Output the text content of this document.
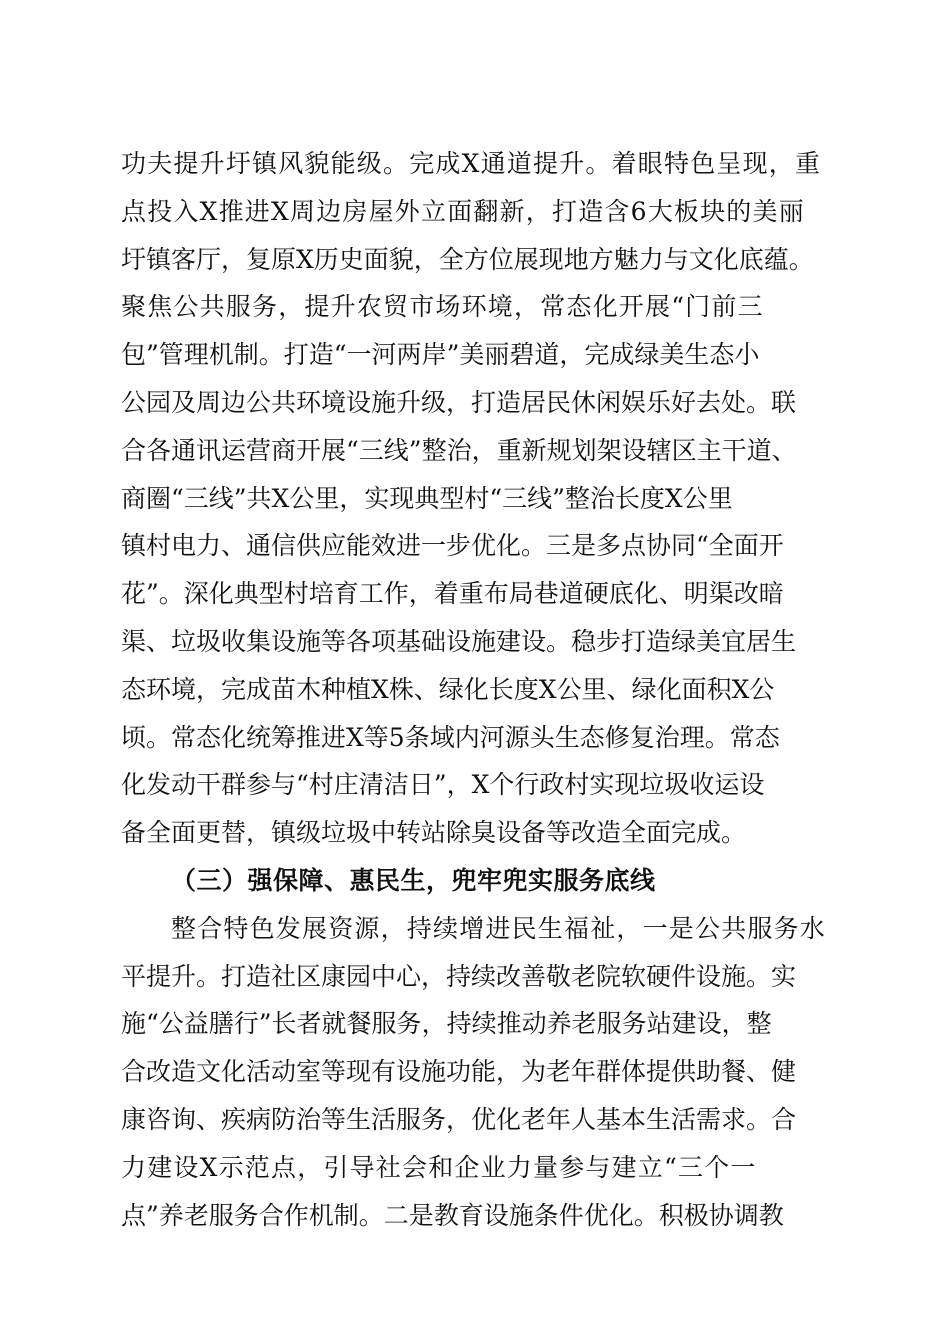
功夫提升圩镇风貌能级。完成X通道提升。着眼特色呈现，重
点投入X推进X周边房屋外立面翻新，打造含6大板块的美丽
圩镇客厅，复原X历史面貌，全方位展现地方魅力与文化底蕴。
聚焦公共服务，提升农贸市场环境，常态化开展“门前三
包”管理机制。打造“一河两岸”美丽碧道，完成绿美生态小
公园及周边公共环境设施升级，打造居民休闲娱乐好去处。联
合各通讯运营商开展“三线”整治，重新规划架设辖区主干道、
商圈“三线”共X公里，实现典型村“三线”整治长度X公里
镇村电力、通信供应能效进一步优化。三是多点协同“全面开
花”。深化典型村培育工作，着重布局巷道硬底化、明渠改暗
渠、垃圾收集设施等各项基础设施建设。稳步打造绿美宜居生
态环境，完成苗木种植X株、绿化长度X公里、绿化面积X公
顷。常态化统筹推进X等5条域内河源头生态修复治理。常态
化发动干群参与“村庄清洁日”，X个行政村实现垃圾收运设
备全面更替，镇级垃圾中转站除臭设备等改造全面完成。
（三）强保障、惠民生，兜牢兜实服务底线
整合特色发展资源，持续增进民生福祉，一是公共服务水
平提升。打造社区康园中心，持续改善敬老院软硬件设施。实
施“公益膳行”长者就餐服务，持续推动养老服务站建设，整
合改造文化活动室等现有设施功能，为老年群体提供助餐、健
康咨询、疾病防治等生活服务，优化老年人基本生活需求。合
力建设X示范点，引导社会和企业力量参与建立“三个一
点”养老服务合作机制。二是教育设施条件优化。积极协调教
